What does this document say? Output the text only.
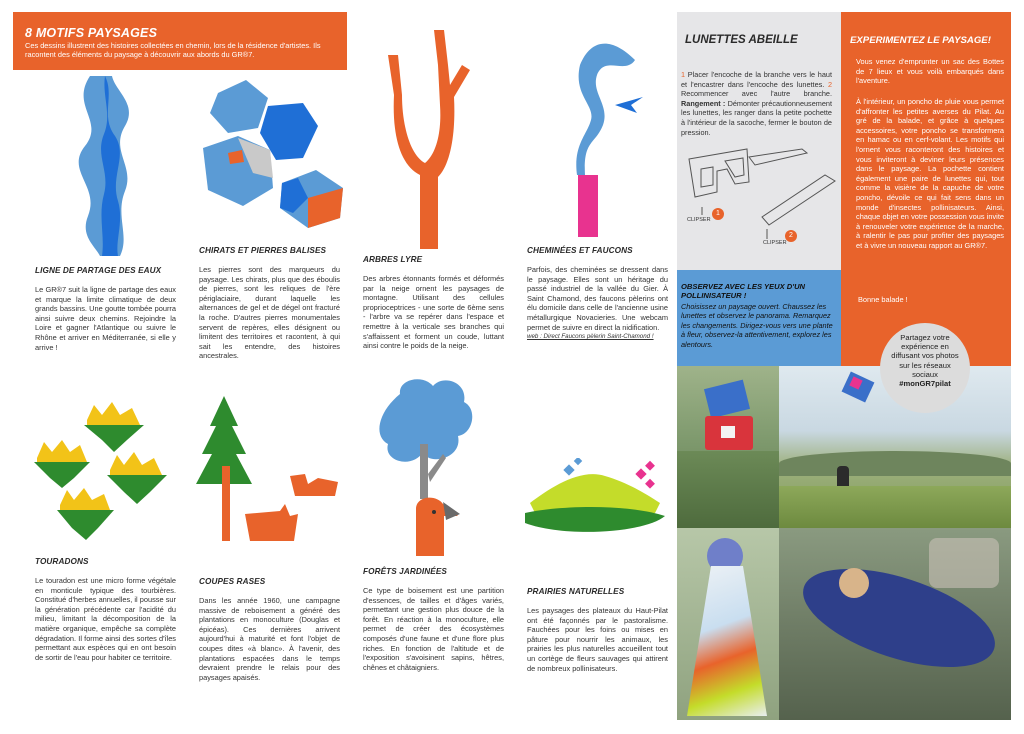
8 MOTIFS PAYSAGES

Ces dessins illustrent des histoires collectées en chemin, lors de la résidence d'artistes. Ils racontent des éléments du paysage à découvrir aux abords du GR®7.

LIGNE DE PARTAGE DES EAUX
Le GR®7 suit la ligne de partage des eaux et marque la limite climatique de deux grands bassins. Une goutte tombée pourra ainsi suivre deux chemins. Rejoindre la Loire et gagner l'Atlantique ou suivre le Rhône et arriver en Méditerranée, si elle y arrive !
CHIRATS ET PIERRES BALISES
Les pierres sont des marqueurs du paysage. Les chirats, plus que des éboulis de pierres, sont les reliques de l'ère périglaciaire, durant laquelle les alternances de gel et de dégel ont fracturé la roche. D'autres pierres monumentales servent de repères, elles désignent ou limitent des territoires et racontent, à qui sait les entendre, des histoires ancestrales.
ARBRES LYRE
Des arbres étonnants formés et déformés par la neige ornent les paysages de montagne. Utilisant des cellules proprioceptrices - une sorte de 6ème sens - l'arbre va se repérer dans l'espace et remettre à la verticale ses branches qui s'affaissent et forment un coude, luttant ainsi contre le poids de la neige.
CHEMINÉES ET FAUCONS
Parfois, des cheminées se dressent dans le paysage. Elles sont un héritage du passé industriel de la vallée du Gier. À Saint Chamond, des faucons pèlerins ont élu domicile dans celle de l'ancienne usine métallurgique Novacieries. Une webcam permet de suivre en direct la nidification.
web : Direct Faucons pèlerin Saint-Chamond !
TOURADONS
Le touradon est une micro forme végétale en monticule typique des tourbières. Constitué d'herbes annuelles, il pousse sur la génération précédente car l'acidité du milieu, limitant la décomposition de la matière organique, empêche sa complète dégradation. Il forme ainsi des sortes d'îles permettant aux espèces qui en ont besoin de sortir de l'eau pour habiter ce territoire.
COUPES RASES
Dans les année 1960, une campagne massive de reboisement a généré des plantations en monoculture (Douglas et épicéas). Ces dernières arrivent aujourd'hui à maturité et font l'objet de coupes dites «à blanc». À l'avenir, des plantations espacées dans le temps devraient prendre le relais pour des paysages apaisés.
FORÊTS JARDINÉES
Ce type de boisement est une partition d'essences, de tailles et d'âges variés, permettant une gestion plus douce de la forêt. En réaction à la monoculture, elle permet de créer des écosystèmes composés d'une faune et d'une flore plus riches. En fonction de l'altitude et de l'exposition s'avoisinent sapins, hêtres, chênes et châtaigniers.
PRAIRIES NATURELLES
Les paysages des plateaux du Haut-Pilat ont été façonnés par le pastoralisme. Fauchées pour les foins ou mises en pâture pour nourrir les animaux, les prairies les plus naturelles accueillent tout un cortège de fleurs sauvages qui attirent de nombreux pollinisateurs.
LUNETTES ABEILLE
1 Placer l'encoche de la branche vers le haut et l'encastrer dans l'encoche des lunettes. 2 Recommencer avec l'autre branche. Rangement : Démonter précautionneusement les lunettes, les ranger dans la petite pochette à l'intérieur de la sacoche, fermer le bouton de pression.
CLIPSER
CLIPSER
1
2
OBSERVEZ AVEC LES YEUX D'UN POLLINISATEUR !
Choisissez un paysage ouvert. Chaussez les lunettes et observez le panorama. Remarquez les changements. Dirigez-vous vers une plante à fleur, observez-la attentivement, explorez les alentours.
EXPERIMENTEZ LE PAYSAGE!
Vous venez d'emprunter un sac des Bottes de 7 lieux et vous voilà embarqués dans l'aventure.
À l'intérieur, un poncho de pluie vous permet d'affronter les petites averses du Pilat. Au gré de la balade, et grâce à quelques accessoires, votre poncho se transformera en hamac ou en cerf-volant. Les motifs qui l'ornent vous raconteront des histoires et vous inviteront à deviner leurs présences dans le paysage. La pochette contient également une paire de lunettes qui, tout comme la visière de la capuche de votre poncho, dévoile ce qui fait sens dans un monde d'insectes pollinisateurs. Ainsi, chaque objet en votre possession vous invite à renouveler votre expérience de la marche, à ralentir le pas pour profiter des paysages et à vivre un nouveau rapport au GR®7.
Bonne balade !
Partagez votre expérience en diffusant vos photos sur les réseaux sociaux
#monGR7pilat
